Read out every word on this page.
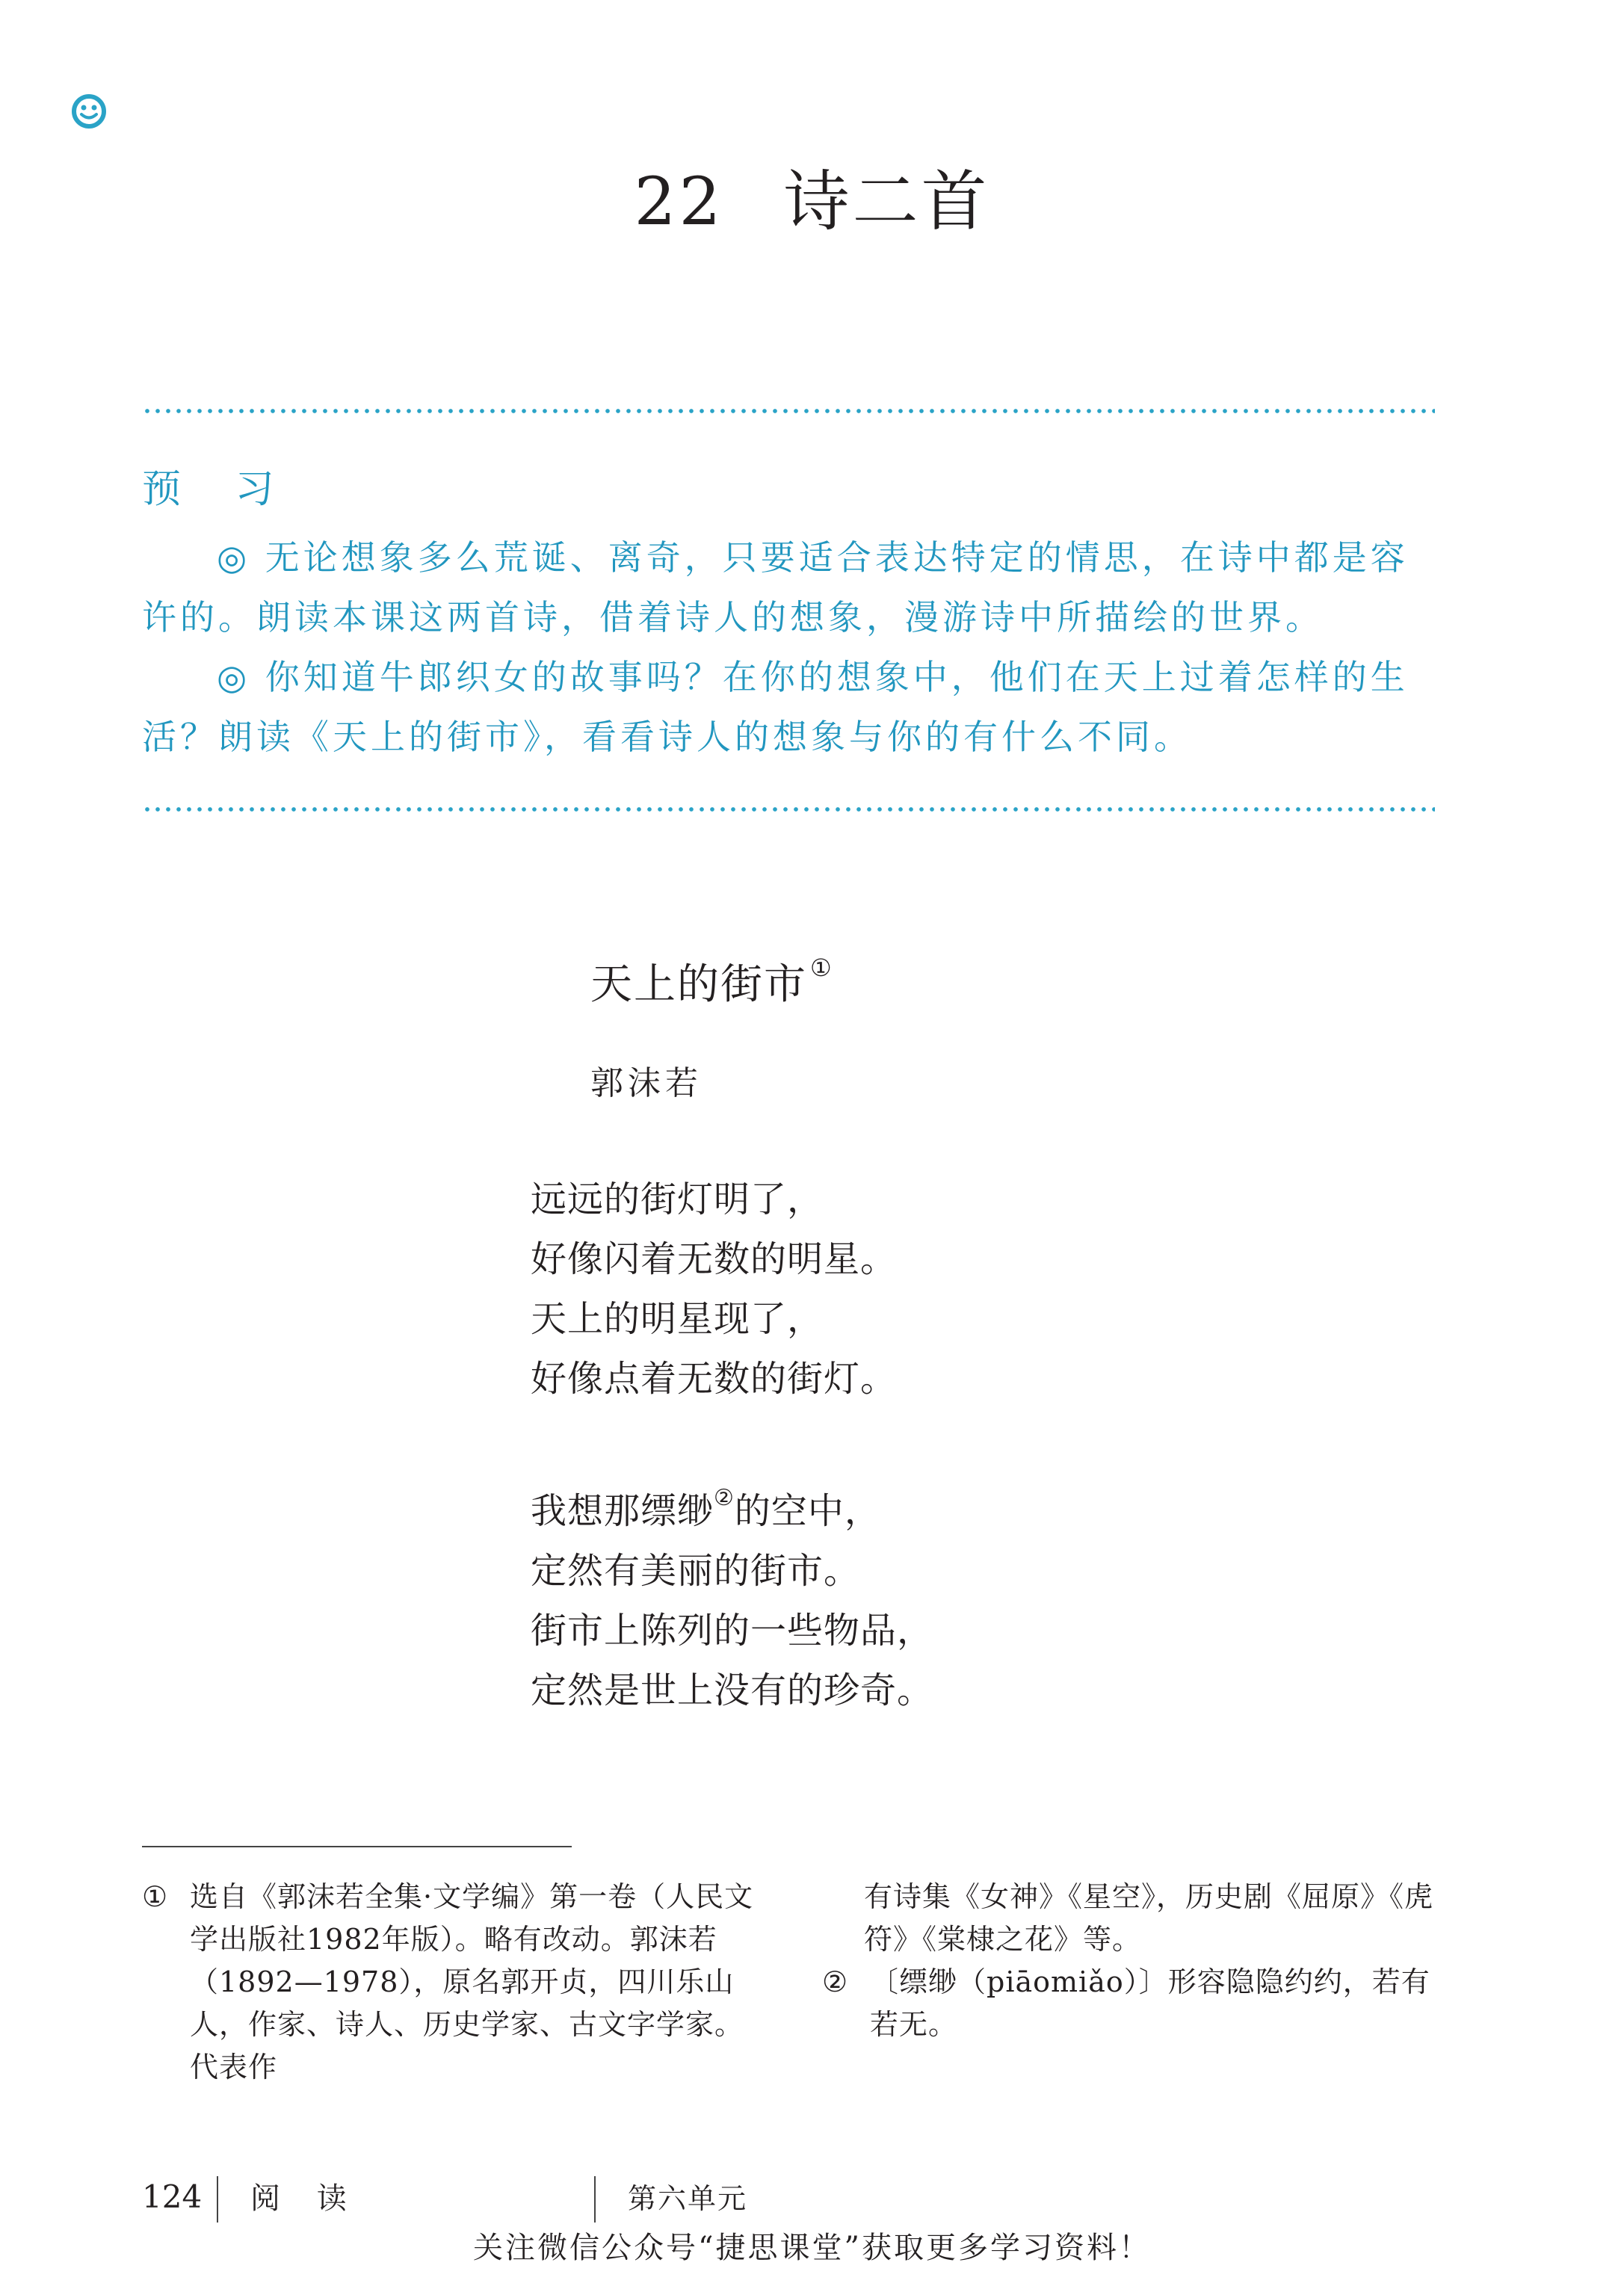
22 诗二首
预 习

◎ 无论想象多么荒诞、离奇，只要适合表达特定的情思，在诗中都是容许的。朗读本课这两首诗，借着诗人的想象，漫游诗中所描绘的世界。

◎ 你知道牛郎织女的故事吗？在你的想象中，他们在天上过着怎样的生活？朗读《天上的街市》，看看诗人的想象与你的有什么不同。

天上的街市 ①
郭沫若
远远的街灯明了，
好像闪着无数的明星。
天上的明星现了，
好像点着无数的街灯。
我想那缥缈②的空中，
定然有美丽的街市。
街市上陈列的一些物品，
定然是世上没有的珍奇。
① 选自《郭沫若全集·文学编》第一卷（人民文学出版社1982年版）。略有改动。郭沫若（1892—1978），原名郭开贞，四川乐山人，作家、诗人、历史学家、古文字学家。代表作
有诗集《女神》《星空》，历史剧《屈原》《虎符》《棠棣之花》等。
② 〔缥缈（piāomiǎo）〕形容隐隐约约，若有若无。
124 阅 读	第六单元
关注微信公众号“捷思课堂”获取更多学习资料！
